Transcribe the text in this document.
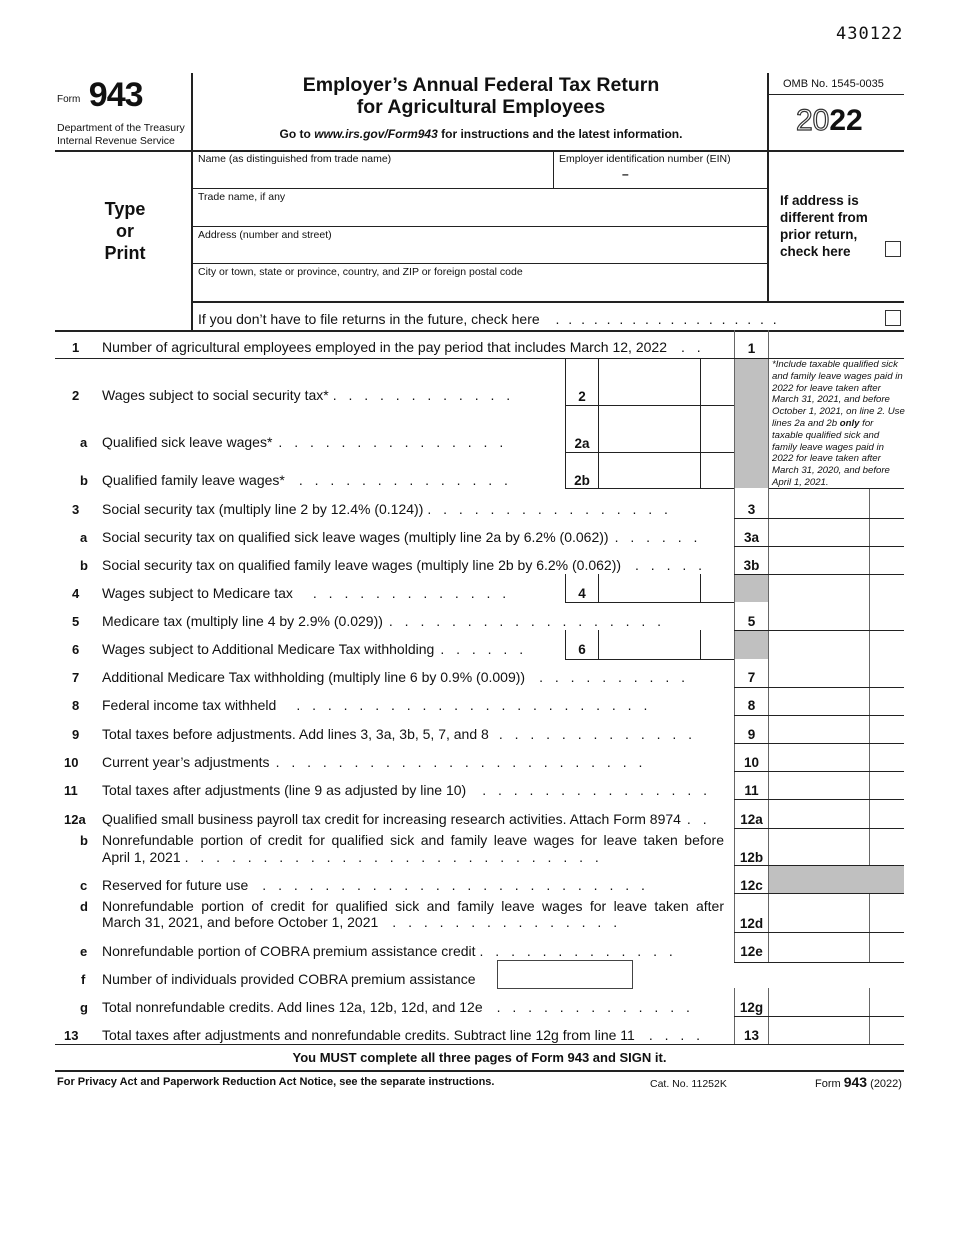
430122
$^{Form}$ 943
Department of the Treasury
Internal Revenue Service
Employer’s Annual Federal Tax Return
for Agricultural Employees
Go to www.irs.gov/Form943 for instructions and the latest information.
OMB No. 1545-0035
2022
Type
or
Print
Name (as distinguished from trade name)	Employer identification number (EIN)
–
Trade name, if any
Address (number and street)
City or town, state or province, country, and ZIP or foreign postal code
If address is
different from
prior return,
check here
If you don’t have to file returns in the future, check here . . . . . . . . . . . . . . . . . .
*Include taxable qualified sick and family leave wages paid in 2022 for leave taken after March 31, 2021, and before October 1, 2021, on line 2. Use lines 2a and 2b only for taxable qualified sick and family leave wages paid in 2022 for leave taken after March 31, 2020, and before April 1, 2021.
1 Number of agricultural employees employed in the pay period that includes March 12, 2022 . .	1
2 Wages subject to social security tax* . . . . . . . . . . . .	2
a Qualified sick leave wages* . . . . . . . . . . . . . . .	2a
b Qualified family leave wages* . . . . . . . . . . . . . .	2b
3 Social security tax (multiply line 2 by 12.4% (0.124)) . . . . . . . . . . . . . . . .	3
a Social security tax on qualified sick leave wages (multiply line 2a by 6.2% (0.062)) . . . . . .	3a
b Social security tax on qualified family leave wages (multiply line 2b by 6.2% (0.062)) . . . . .	3b
4 Wages subject to Medicare tax . . . . . . . . . . . . .	4
5 Medicare tax (multiply line 4 by 2.9% (0.029)) . . . . . . . . . . . . . . . . . .	5
6 Wages subject to Additional Medicare Tax withholding . . . . . .	6
7 Additional Medicare Tax withholding (multiply line 6 by 0.9% (0.009)) . . . . . . . . . .	7
8 Federal income tax withheld . . . . . . . . . . . . . . . . . . . . . . .	8
9 Total taxes before adjustments. Add lines 3, 3a, 3b, 5, 7, and 8 . . . . . . . . . . . . .	9
10 Current year’s adjustments . . . . . . . . . . . . . . . . . . . . . . . .	10
11 Total taxes after adjustments (line 9 as adjusted by line 10) . . . . . . . . . . . . . . .	11
12a Qualified small business payroll tax credit for increasing research activities. Attach Form 8974 . .	12a
b Nonrefundable portion of credit for qualified sick and family leave wages for leave taken before
April 1, 2021 . . . . . . . . . . . . . . . . . . . . . . . . . . .	12b
c Reserved for future use . . . . . . . . . . . . . . . . . . . . . . . . .	12c
d Nonrefundable portion of credit for qualified sick and family leave wages for leave taken after
March 31, 2021, and before October 1, 2021 . . . . . . . . . . . . . . .	12d
e Nonrefundable portion of COBRA premium assistance credit . . . . . . . . . . . . .	12e
f Number of individuals provided COBRA premium assistance
g Total nonrefundable credits. Add lines 12a, 12b, 12d, and 12e . . . . . . . . . . . . .	12g
13 Total taxes after adjustments and nonrefundable credits. Subtract line 12g from line 11 . . . .	13
You MUST complete all three pages of Form 943 and SIGN it.
For Privacy Act and Paperwork Reduction Act Notice, see the separate instructions.	Cat. No. 11252K	Form 943 (2022)
